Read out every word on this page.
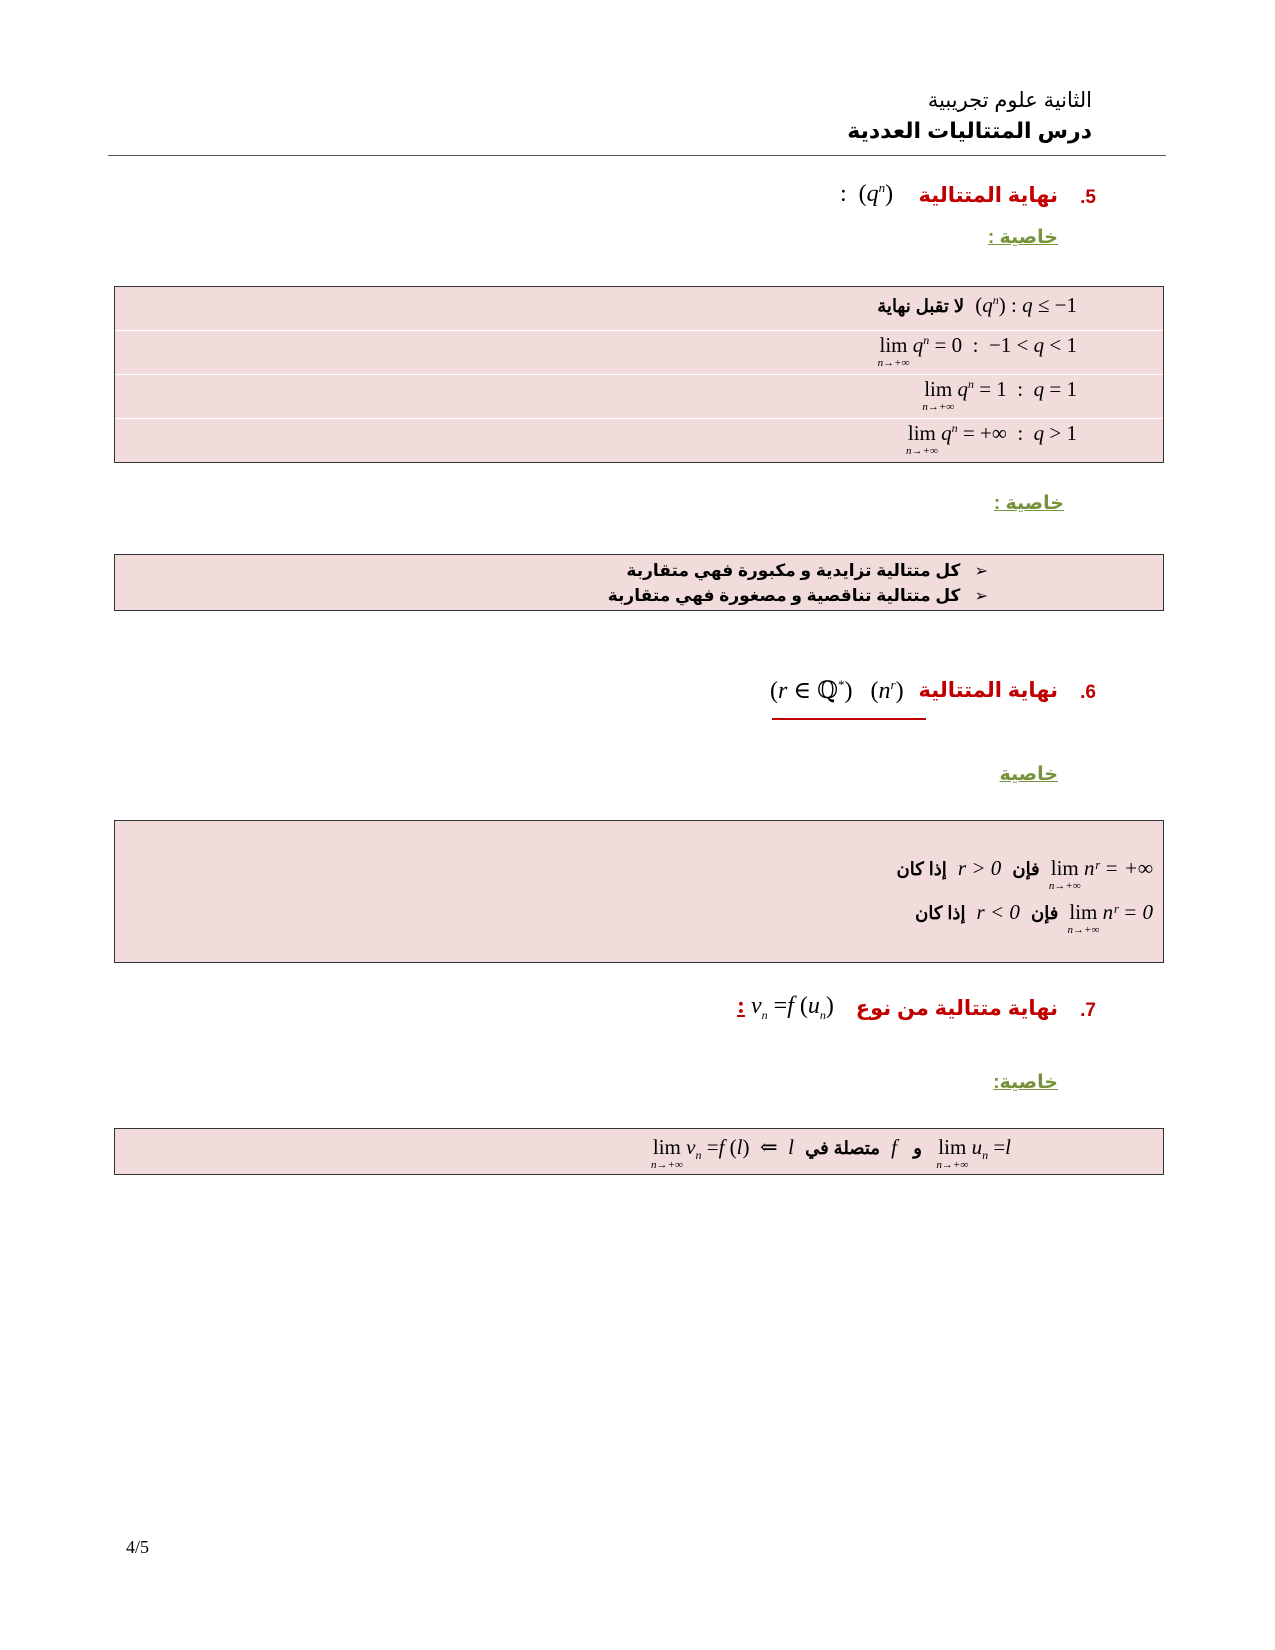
الثانية علوم تجريبية
درس المتتاليات العددية
.5
نهاية المتتالية
:  $(q^n)$
خاصية :
لا تقبل نهاية $(q^n)$ : q ≤ −1
lim
n→+∞
$q^n = 0$  :  −1 < q < 1
lim
n→+∞
$q^n = 1$  :  q = 1
lim
n→+∞
$q^n$ = +∞  :  q > 1
خاصية :
➢   كل متتالية تزايدية و مكبورة فهي متقاربة
➢   كل متتالية تناقصية و مصغورة فهي متقاربة
.6
نهاية المتتالية
(r ∈ ℚ*) $(n^r)$
خاصية
إذا كان r > 0 فإن lim
n→+∞
nʳ = +∞
إذا كان r < 0 فإن lim
n→+∞
nʳ = 0
.7
نهاية متتالية من نوع
: $v_n =f$ $(u_n)$
خاصية:
lim
n→+∞
$v_n =f$ (l) ⇐  l  متصلة في  f   و lim
n→+∞
$u_n =l$
4/5
